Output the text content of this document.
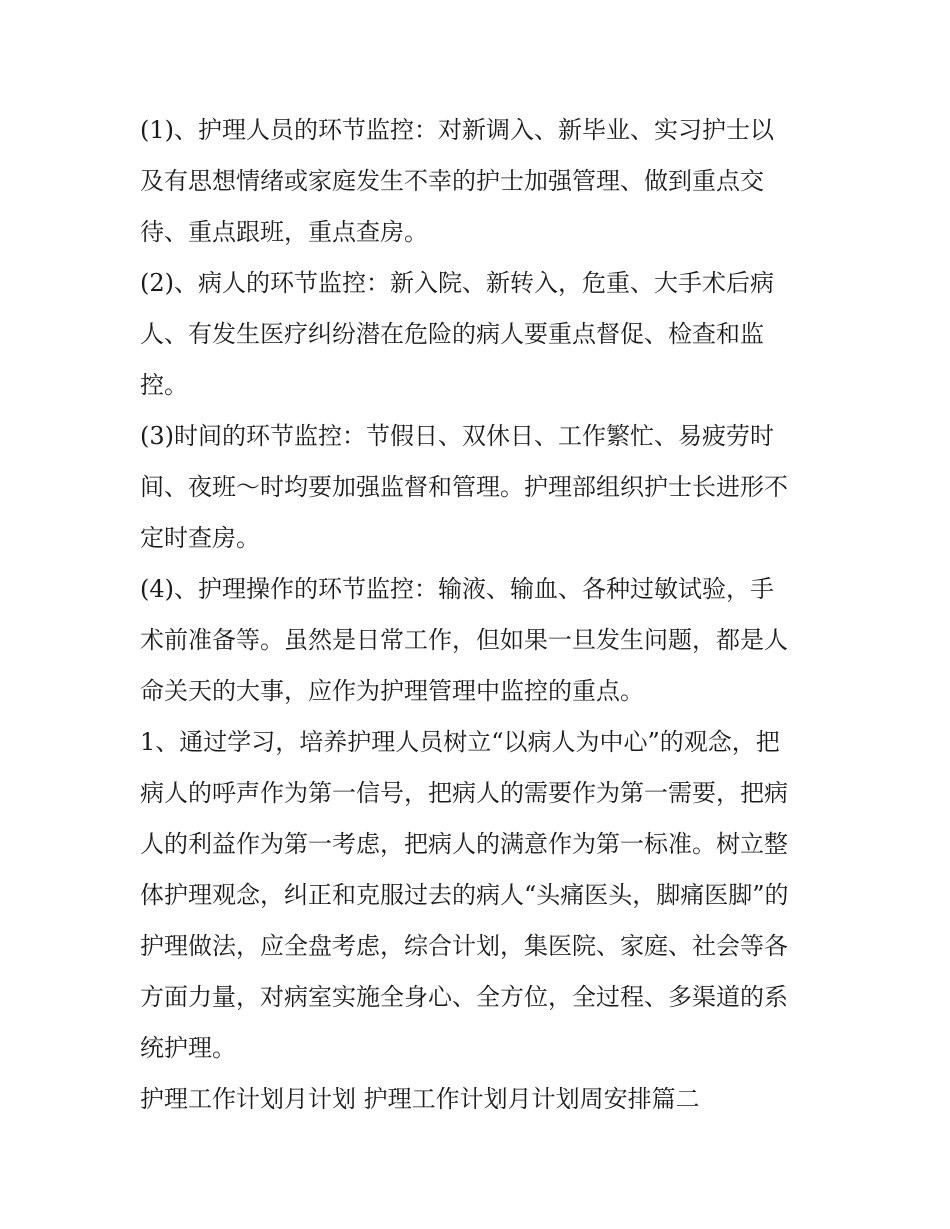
(1)、护理人员的环节监控：对新调入、新毕业、实习护士以
及有思想情绪或家庭发生不幸的护士加强管理、做到重点交
待、重点跟班，重点查房。
(2)、病人的环节监控：新入院、新转入，危重、大手术后病
人、有发生医疗纠纷潜在危险的病人要重点督促、检查和监
控。
(3)时间的环节监控：节假日、双休日、工作繁忙、易疲劳时
间、夜班～时均要加强监督和管理。护理部组织护士长进形不
定时查房。
(4)、护理操作的环节监控：输液、输血、各种过敏试验，手
术前准备等。虽然是日常工作，但如果一旦发生问题，都是人
命关天的大事，应作为护理管理中监控的重点。
1、通过学习，培养护理人员树立“以病人为中心”的观念，把
病人的呼声作为第一信号，把病人的需要作为第一需要，把病
人的利益作为第一考虑，把病人的满意作为第一标准。树立整
体护理观念，纠正和克服过去的病人“头痛医头，脚痛医脚”的
护理做法，应全盘考虑，综合计划，集医院、家庭、社会等各
方面力量，对病室实施全身心、全方位，全过程、多渠道的系
统护理。
护理工作计划月计划 护理工作计划月计划周安排篇二
